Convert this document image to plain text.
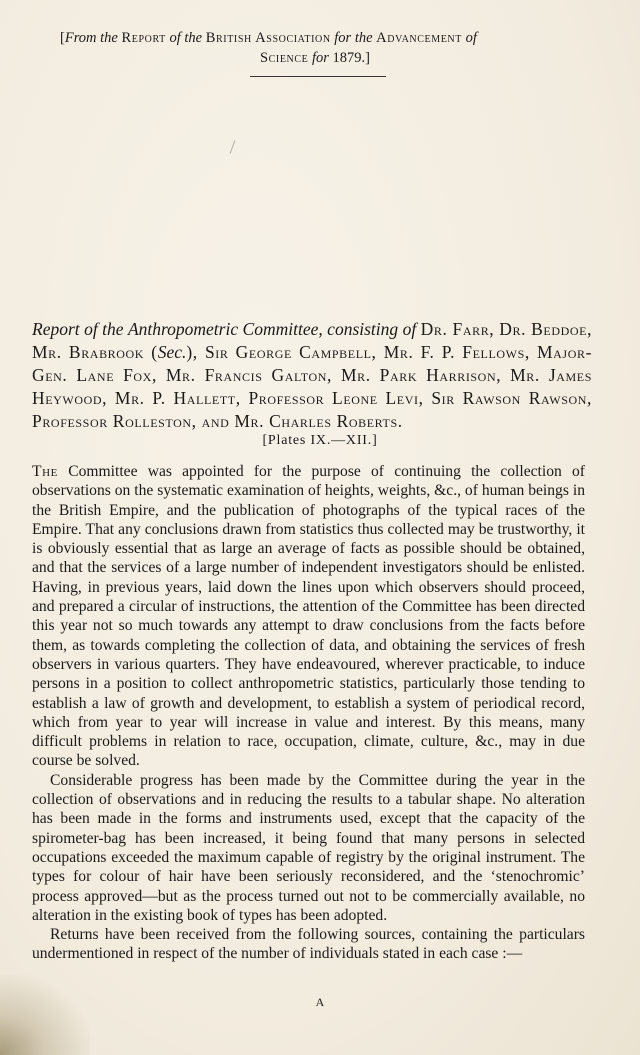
[From the Report of the British Association for the Advancement of
Science for 1879.]
Report of the Anthropometric Committee, consisting of Dr. Farr, Dr. Beddoe, Mr. Brabrook (Sec.), Sir George Campbell, Mr. F. P. Fellows, Major-Gen. Lane Fox, Mr. Francis Galton, Mr. Park Harrison, Mr. James Heywood, Mr. P. Hallett, Professor Leone Levi, Sir Rawson Rawson, Professor Rolleston, and Mr. Charles Roberts.
[Plates IX.—XII.]

The Committee was appointed for the purpose of continuing the collection of observations on the systematic examination of heights, weights, &c., of human beings in the British Empire, and the publication of photographs of the typical races of the Empire. That any conclusions drawn from statistics thus collected may be trustworthy, it is obviously essential that as large an average of facts as possible should be obtained, and that the services of a large number of independent investigators should be enlisted. Having, in previous years, laid down the lines upon which observers should proceed, and prepared a circular of instructions, the attention of the Committee has been directed this year not so much towards any attempt to draw conclusions from the facts before them, as towards completing the collection of data, and obtaining the services of fresh observers in various quarters. They have endeavoured, wherever practicable, to induce persons in a position to collect anthropometric statistics, particularly those tending to establish a law of growth and development, to establish a system of periodical record, which from year to year will increase in value and interest. By this means, many difficult problems in relation to race, occupation, climate, culture, &c., may in due course be solved.

Considerable progress has been made by the Committee during the year in the collection of observations and in reducing the results to a tabular shape. No alteration has been made in the forms and instruments used, except that the capacity of the spirometer-bag has been increased, it being found that many persons in selected occupations exceeded the maximum capable of registry by the original instrument. The types for colour of hair have been seriously reconsidered, and the ‘stenochromic’ process approved—but as the process turned out not to be commercially available, no alteration in the existing book of types has been adopted.

Returns have been received from the following sources, containing the particulars undermentioned in respect of the number of individuals stated in each case :—

A
